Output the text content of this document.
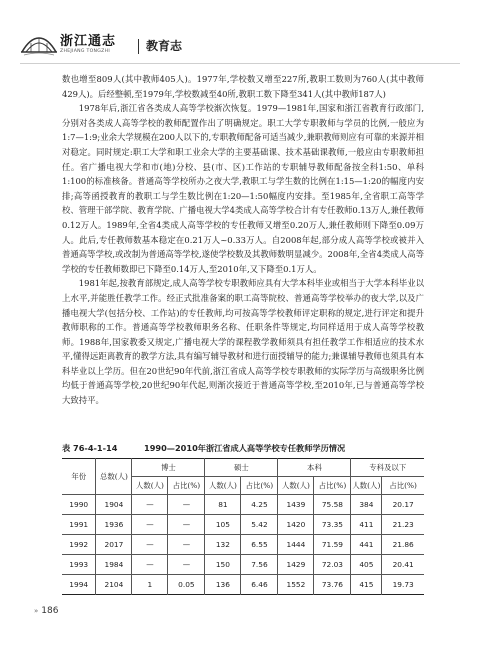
浙江通志
ZHEJIANG TONGZHI	教育志

数也增至809人(其中教师405人)。1977年,学校数又增至227所,教职工数则为760人(其中教师429人)。后经整顿,至1979年,学校数减至40所,教职工数下降至341人(其中教师187人)

1978年后,浙江省各类成人高等学校渐次恢复。1979—1981年,国家和浙江省教育行政部门,分别对各类成人高等学校的教师配置作出了明确规定。职工大学专职教师与学员的比例,一般应为1:7—1:9;业余大学规模在200人以下的,专职教师配备可适当减少,兼职教师则应有可靠的来源并相对稳定。同时规定:职工大学和职工业余大学的主要基础课、技术基础课教师,一般应由专职教师担任。省广播电视大学和市(地)分校、县(市、区)工作站的专职辅导教师配备按全科1:50、单科1:100的标准核备。普通高等学校所办之夜大学,教职工与学生数的比例在1:15—1:20的幅度内安排;高等函授教育的教职工与学生数比例在1:20—1:50幅度内安排。至1985年,全省职工高等学校、管理干部学院、教育学院、广播电视大学4类成人高等学校合计有专任教师0.13万人,兼任教师0.12万人。1989年,全省4类成人高等学校的专任教师又增至0.20万人,兼任教师则下降至0.09万人。此后,专任教师数基本稳定在0.21万人~0.33万人。自2008年起,部分成人高等学校或被并入普通高等学校,或改制为普通高等学校,遂使学校数及其教师数明显减少。2008年,全省4类成人高等学校的专任教师数即已下降至0.14万人,至2010年,又下降至0.1万人。

1981年起,按教育部规定,成人高等学校专职教师应具有大学本科毕业或相当于大学本科毕业以上水平,并能胜任教学工作。经正式批准备案的职工高等院校、普通高等学校举办的夜大学,以及广播电视大学(包括分校、工作站)的专任教师,均可按高等学校教师评定职称的规定,进行评定和提升教师职称的工作。普通高等学校教师职务名称、任职条件等规定,均同样适用于成人高等学校教师。1988年,国家教委又规定,广播电视大学的课程教学教师须具有担任教学工作相适应的技术水平,懂得远距离教育的教学方法,具有编写辅导教材和进行面授辅导的能力;兼课辅导教师也须具有本科毕业以上学历。但在20世纪90年代前,浙江省成人高等学校专职教师的实际学历与高级职务比例均低于普通高等学校,20世纪90年代起,则渐次接近于普通高等学校,至2010年,已与普通高等学校大致持平。

表 76-4-1-14	1990—2010年浙江省成人高等学校专任教师学历情况
年份	总数(人)	博士		硕士		本科		专科及以下	
		人数(人)	占比(%)	人数(人)	占比(%)	人数(人)	占比(%)	人数(人)	占比(%)
1990	1904	—	—	81	4.25	1439	75.58	384	20.17
1991	1936	—	—	105	5.42	1420	73.35	411	21.23
1992	2017	—	—	132	6.55	1444	71.59	441	21.86
1993	1984	—	—	150	7.56	1429	72.03	405	20.41
1994	2104	1	0.05	136	6.46	1552	73.76	415	19.73
» 186
